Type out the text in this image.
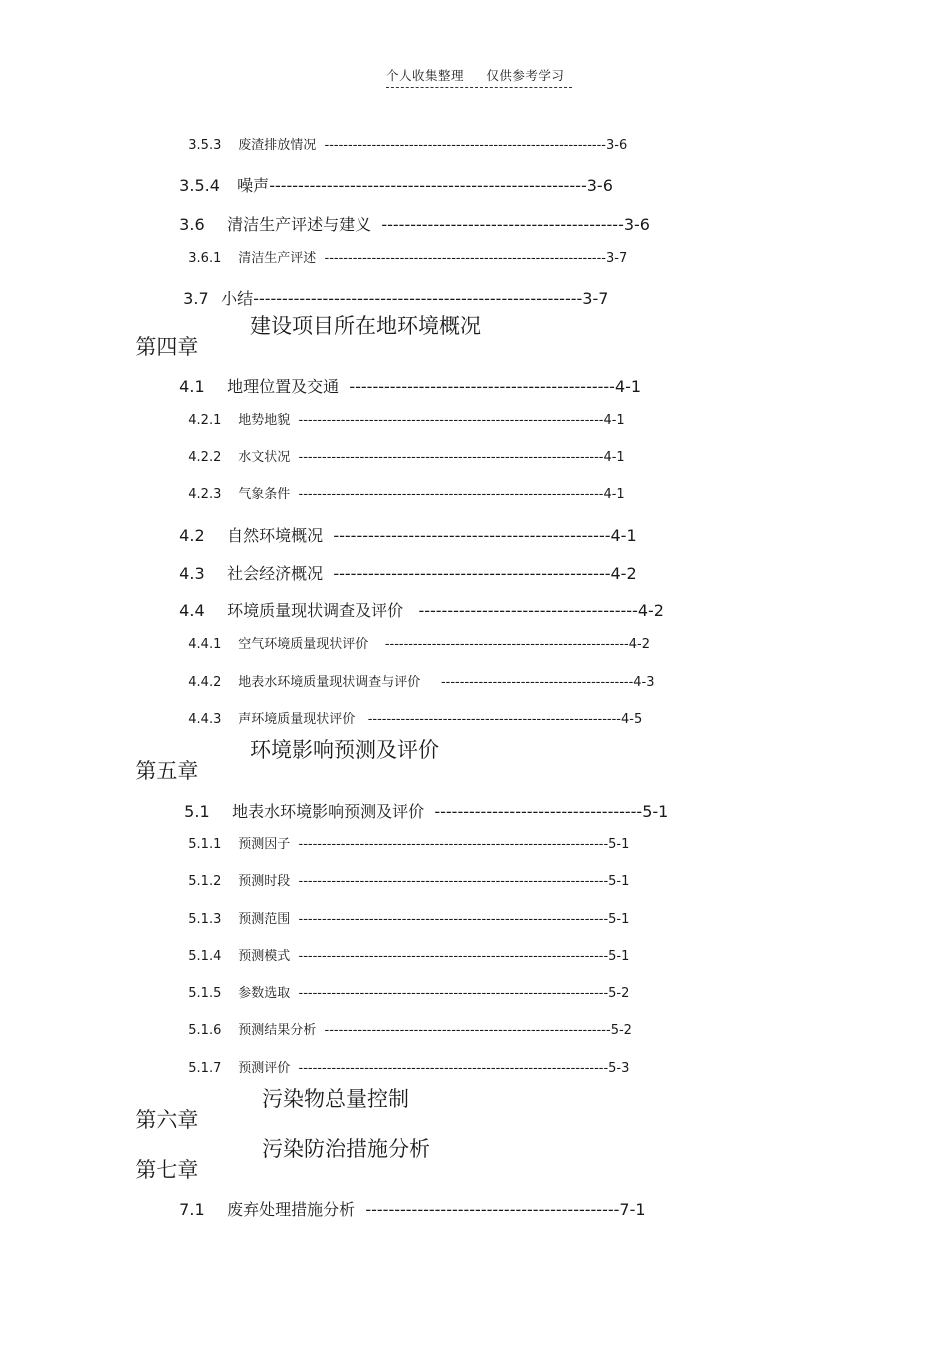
个人收集整理     仅供参考学习

3.5.3 废渣排放情况 ------------------------------------------------------------3-6

3.5.4 噪声-------------------------------------------------------3-6

3.6 清洁生产评述与建义 ------------------------------------------3-6

3.6.1 清洁生产评述 ------------------------------------------------------------3-7

3.7 小结---------------------------------------------------------3-7

第四章
建设项目所在地环境概况

4.1 地理位置及交通 ----------------------------------------------4-1

4.2.1 地势地貌 -----------------------------------------------------------------4-1

4.2.2 水文状况 -----------------------------------------------------------------4-1

4.2.3 气象条件 -----------------------------------------------------------------4-1

4.2 自然环境概况 ------------------------------------------------4-1

4.3 社会经济概况 ------------------------------------------------4-2

4.4 环境质量现状调查及评价 --------------------------------------4-2

4.4.1 空气环境质量现状评价 ----------------------------------------------------4-2

4.4.2 地表水环境质量现状调查与评价 -----------------------------------------4-3

4.4.3 声环境质量现状评价 ------------------------------------------------------4-5

第五章
环境影响预测及评价

5.1 地表水环境影响预测及评价 ------------------------------------5-1

5.1.1 预测因子 ------------------------------------------------------------------5-1

5.1.2 预测时段 ------------------------------------------------------------------5-1

5.1.3 预测范围 ------------------------------------------------------------------5-1

5.1.4 预测模式 ------------------------------------------------------------------5-1

5.1.5 参数选取 ------------------------------------------------------------------5-2

5.1.6 预测结果分析 -------------------------------------------------------------5-2

5.1.7 预测评价 ------------------------------------------------------------------5-3

第六章
污染物总量控制

第七章
污染防治措施分析

7.1 废弃处理措施分析 --------------------------------------------7-1
